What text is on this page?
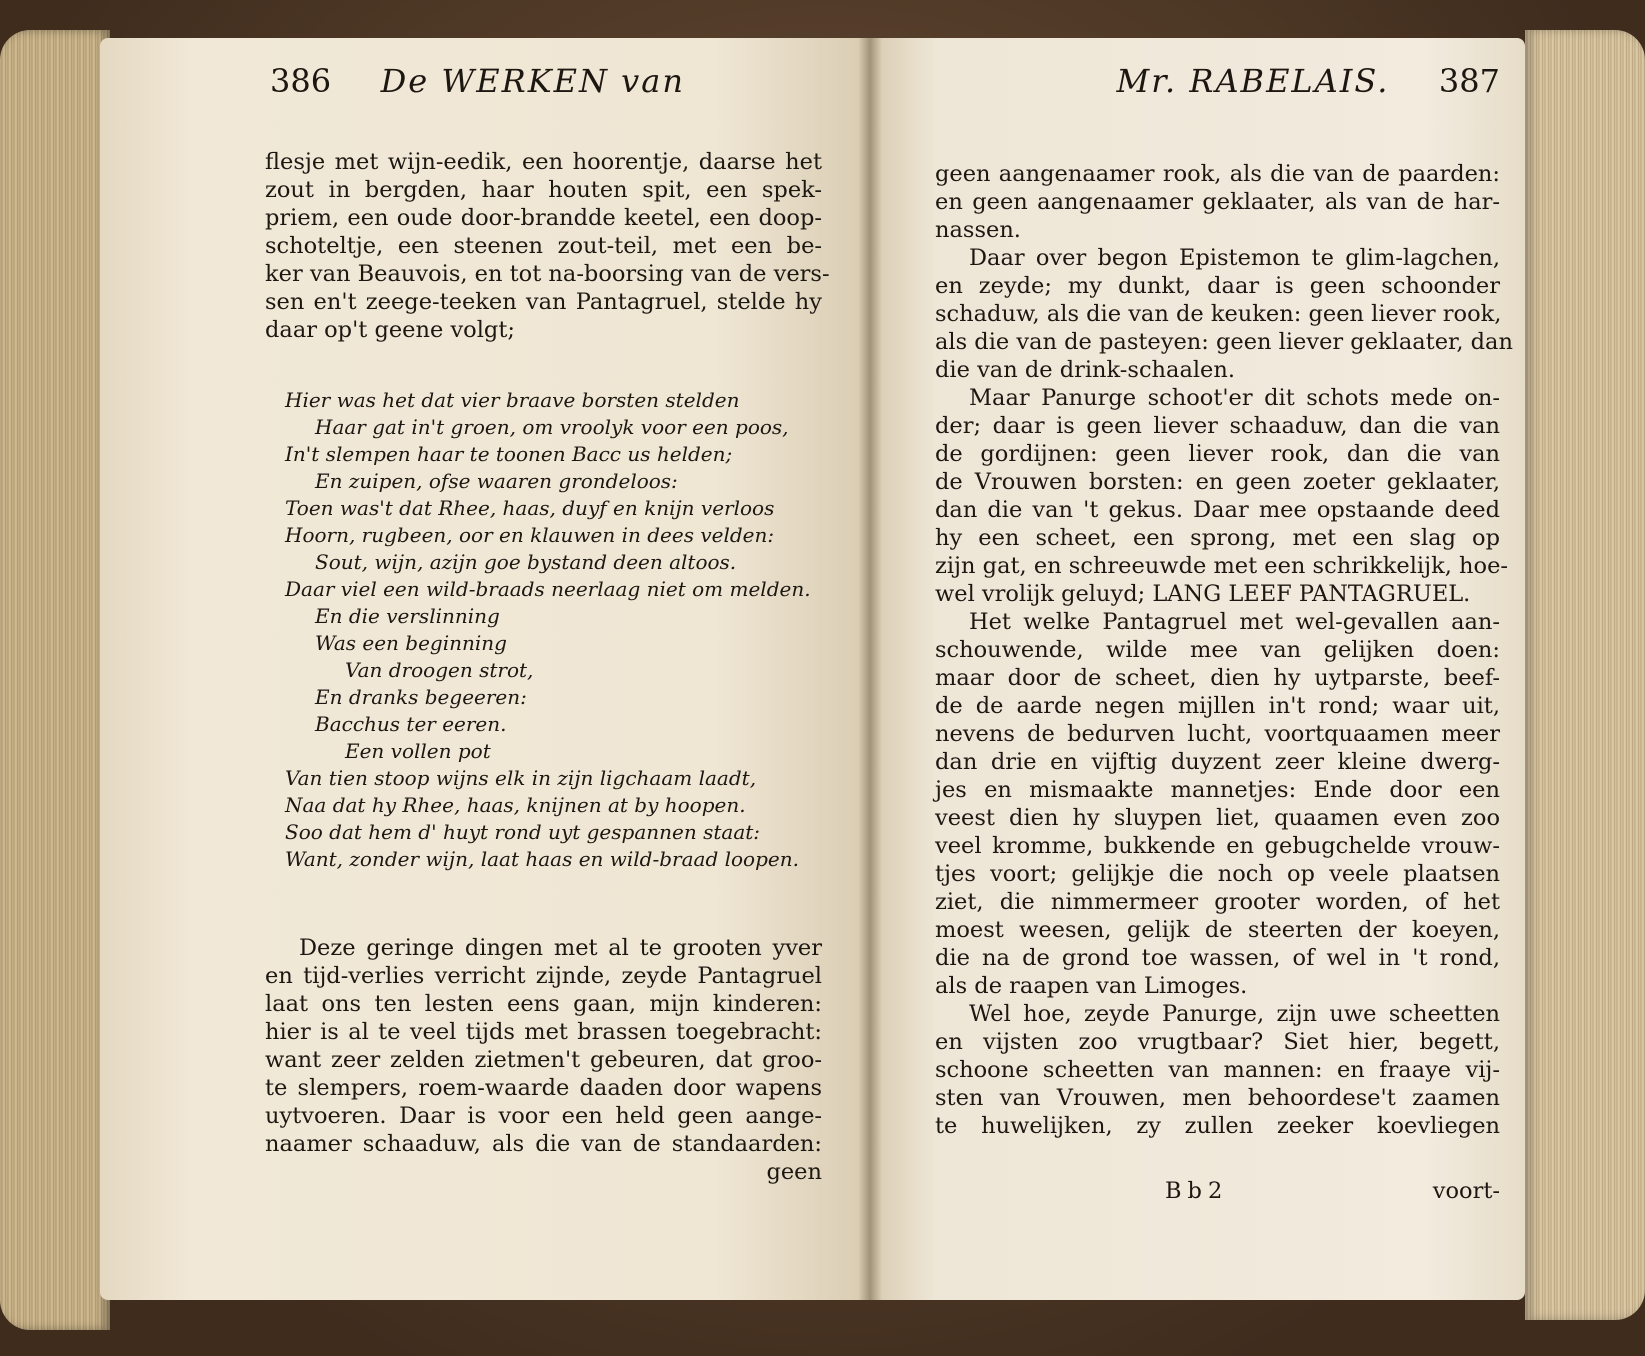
386 De WERKEN van	Mr. RABELAIS. 387
flesje met wijn-eedik, een hoorentje, daarse het
zout in bergden, haar houten spit, een spek-
priem, een oude door-brandde keetel, een doop-
schoteltje, een steenen zout-teil, met een be-
ker van Beauvois, en tot na-boorsing van de vers-
sen en't zeege-teeken van Pantagruel, stelde hy
daar op't geene volgt;
Hier was het dat vier braave borsten stelden
Haar gat in't groen, om vroolyk voor een poos,
In't slempen haar te toonen Bacc us helden;
En zuipen, ofse waaren grondeloos:
Toen was't dat Rhee, haas, duyf en knijn verloos
Hoorn, rugbeen, oor en klauwen in dees velden:
Sout, wijn, azijn goe bystand deen altoos.
Daar viel een wild-braads neerlaag niet om melden.
En die verslinning
Was een beginning
Van droogen strot,
En dranks begeeren:
Bacchus ter eeren.
Een vollen pot
Van tien stoop wijns elk in zijn ligchaam laadt,
Naa dat hy Rhee, haas, knijnen at by hoopen.
Soo dat hem d' huyt rond uyt gespannen staat:
Want, zonder wijn, laat haas en wild-braad loopen.
Deze geringe dingen met al te grooten yver
en tijd-verlies verricht zijnde, zeyde Pantagruel
laat ons ten lesten eens gaan, mijn kinderen:
hier is al te veel tijds met brassen toegebracht:
want zeer zelden zietmen't gebeuren, dat groo-
te slempers, roem-waarde daaden door wapens
uytvoeren. Daar is voor een held geen aange-
naamer schaaduw, als die van de standaarden:
geen
geen aangenaamer rook, als die van de paarden:
en geen aangenaamer geklaater, als van de har-
nassen.
Daar over begon Epistemon te glim-lagchen,
en zeyde; my dunkt, daar is geen schoonder
schaduw, als die van de keuken: geen liever rook,
als die van de pasteyen: geen liever geklaater, dan
die van de drink-schaalen.
Maar Panurge schoot'er dit schots mede on-
der; daar is geen liever schaaduw, dan die van
de gordijnen: geen liever rook, dan die van
de Vrouwen borsten: en geen zoeter geklaater,
dan die van 't gekus. Daar mee opstaande deed
hy een scheet, een sprong, met een slag op
zijn gat, en schreeuwde met een schrikkelijk, hoe-
wel vrolijk geluyd; LANG LEEF PANTAGRUEL.
Het welke Pantagruel met wel-gevallen aan-
schouwende, wilde mee van gelijken doen:
maar door de scheet, dien hy uytparste, beef-
de de aarde negen mijllen in't rond; waar uit,
nevens de bedurven lucht, voortquaamen meer
dan drie en vijftig duyzent zeer kleine dwerg-
jes en mismaakte mannetjes: Ende door een
veest dien hy sluypen liet, quaamen even zoo
veel kromme, bukkende en gebugchelde vrouw-
tjes voort; gelijkje die noch op veele plaatsen
ziet, die nimmermeer grooter worden, of het
moest weesen, gelijk de steerten der koeyen,
die na de grond toe wassen, of wel in 't rond,
als de raapen van Limoges.
Wel hoe, zeyde Panurge, zijn uwe scheetten
en vijsten zoo vrugtbaar? Siet hier, begett,
schoone scheetten van mannen: en fraaye vij-
sten van Vrouwen, men behoordese't zaamen
te huwelijken, zy zullen zeeker koevliegen
Bb2	voort-
